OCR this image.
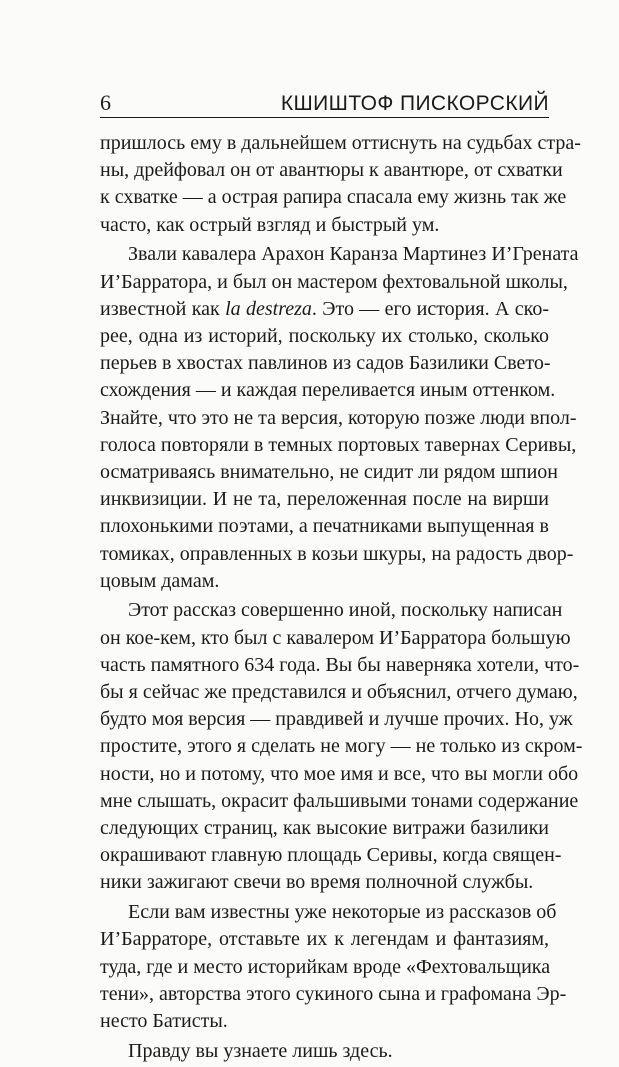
6	КШИШТОФ ПИСКОРСКИЙ
пришлось ему в дальнейшем оттиснуть на судьбах стра-
ны, дрейфовал он от авантюры к авантюре, от схватки
к схватке — а острая рапира спасала ему жизнь так же
часто, как острый взгляд и быстрый ум.
Звали кавалера Арахон Каранза Мартинез И’Грената
И’Барратора, и был он мастером фехтовальной школы,
известной как la destreza. Это — его история. А ско-
рее, одна из историй, поскольку их столько, сколько
перьев в хвостах павлинов из садов Базилики Свето-
схождения — и каждая переливается иным оттенком.
Знайте, что это не та версия, которую позже люди впол-
голоса повторяли в темных портовых тавернах Серивы,
осматриваясь внимательно, не сидит ли рядом шпион
инквизиции. И не та, переложенная после на вирши
плохонькими поэтами, а печатниками выпущенная в
томиках, оправленных в козьи шкуры, на радость двор-
цовым дамам.
Этот рассказ совершенно иной, поскольку написан
он кое-кем, кто был с кавалером И’Барратора большую
часть памятного 634 года. Вы бы наверняка хотели, что-
бы я сейчас же представился и объяснил, отчего думаю,
будто моя версия — правдивей и лучше прочих. Но, уж
простите, этого я сделать не могу — не только из скром-
ности, но и потому, что мое имя и все, что вы могли обо
мне слышать, окрасит фальшивыми тонами содержание
следующих страниц, как высокие витражи базилики
окрашивают главную площадь Серивы, когда священ-
ники зажигают свечи во время полночной службы.
Если вам известны уже некоторые из рассказов об
И’Барраторе, отставьте их к легендам и фантазиям,
туда, где и место историйкам вроде «Фехтовальщика
тени», авторства этого сукиного сына и графомана Эр-
несто Батисты.
Правду вы узнаете лишь здесь.
